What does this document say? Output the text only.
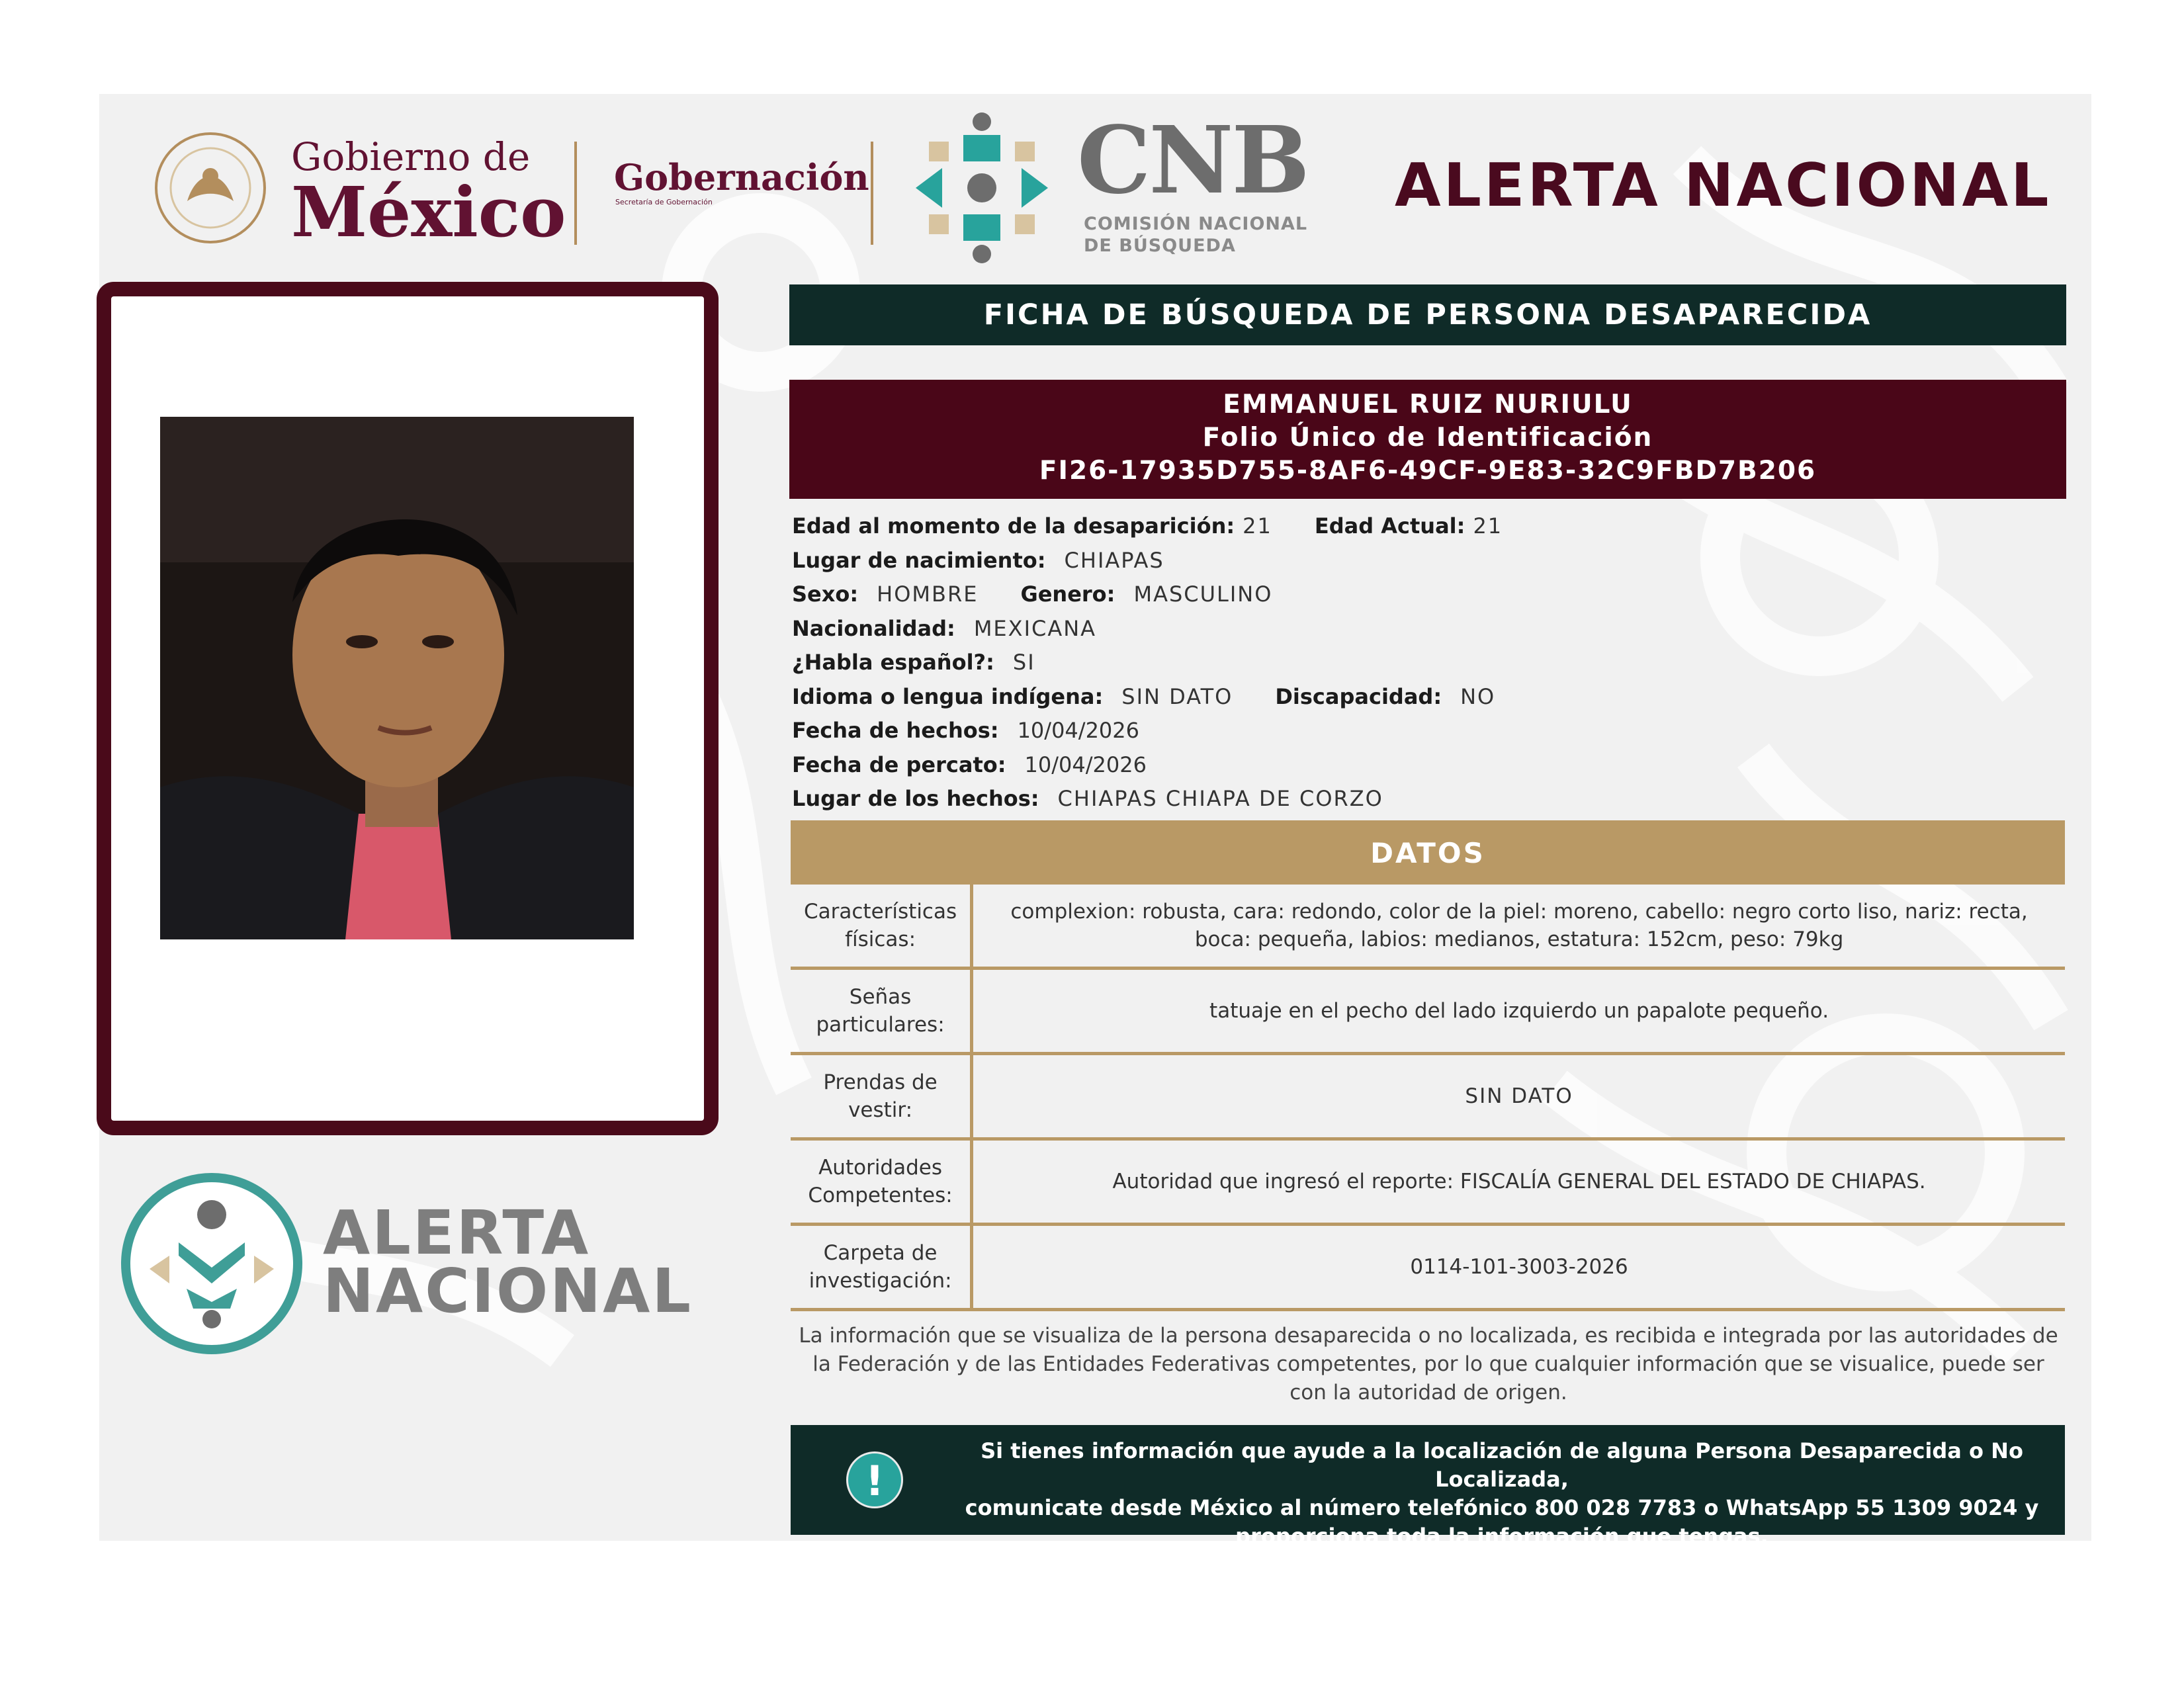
Gobierno de
México Gobernación
Secretaría de Gobernación	CNB
COMISIÓN NACIONAL
DE BÚSQUEDA
ALERTA NACIONAL
ALERTA
NACIONAL
FICHA DE BÚSQUEDA DE PERSONA DESAPARECIDA
EMMANUEL RUIZ NURIULU
Folio Único de Identificación
FI26-17935D755-8AF6-49CF-9E83-32C9FBD7B206
Edad al momento de la desaparición: 21 Edad Actual: 21
Lugar de nacimiento: CHIAPAS
Sexo: HOMBRE Genero: MASCULINO
Nacionalidad: MEXICANA
¿Habla español?: SI
Idioma o lengua indígena: SIN DATO Discapacidad: NO
Fecha de hechos: 10/04/2026
Fecha de percato: 10/04/2026
Lugar de los hechos: CHIAPAS CHIAPA DE CORZO
DATOS
Características físicas:	complexion: robusta, cara: redondo, color de la piel: moreno, cabello: negro corto liso, nariz: recta, boca: pequeña, labios: medianos, estatura: 152cm, peso: 79kg
Señas particulares:	tatuaje en el pecho del lado izquierdo un papalote pequeño.
Prendas de vestir:	SIN DATO
Autoridades Competentes:	Autoridad que ingresó el reporte: FISCALÍA GENERAL DEL ESTADO DE CHIAPAS.
Carpeta de investigación:	0114-101-3003-2026
La información que se visualiza de la persona desaparecida o no localizada, es recibida e integrada por las autoridades de la Federación y de las Entidades Federativas competentes, por lo que cualquier información que se visualice, puede ser con la autoridad de origen.
!
Si tienes información que ayude a la localización de alguna Persona Desaparecida o No Localizada,
comunicate desde México al número telefónico 800 028 7783 o WhatsApp 55 1309 9024 y
proporciona toda la información que tengas.
